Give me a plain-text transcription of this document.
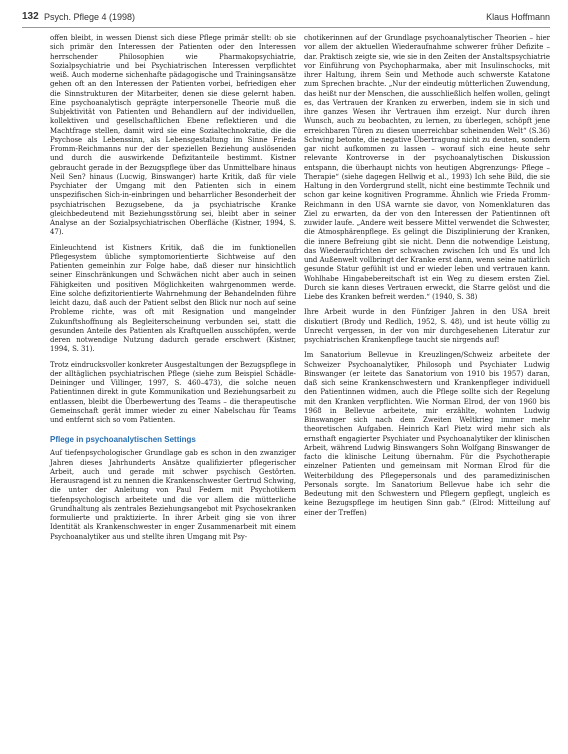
132 Psych. Pflege 4 (1998)	Klaus Hoffmann

offen bleibt, in wessen Dienst sich diese Pflege primär stellt: ob sie sich primär den Interessen der Patienten oder den Interessen herrschender Philosophien wie Pharmakopsychiatrie, Sozialpsychiatrie und bei Psychiatrischen Interessen verpflichtet weiß. Auch moderne sichenhafte pädagogische und Trainingsansätze gehen oft an den Interessen der Patienten vorbei, befriedigen eher die Sinnstrukturen der Mitarbeiter, denen sie diese gelernt haben. Eine psychoanalytisch geprägte interpersonelle Theorie muß die Subjektivität von Patienten und Behandlern auf der individuellen, kollektiven und gesellschaftlichen Ebene reflektieren und die Machtfrage stellen, damit wird sie eine Sozialtechnokratie, die die Psychose als Lebenssinn, als Lebensgestaltung im Sinne Frieda Fromm-Reichmanns nur der der speziellen Beziehung auslösenden und durch die auswirkende Defizitanteile bestimmt. Kistner gebraucht gerade in der Bezugspflege über das Unmittelbare hinaus Neil Sen? hinaus (Lucwig, Binswanger) harte Kritik, daß für viele Psychiater der Umgang mit den Patienten sich in einem unspezifischen Sich-in-einbringen und beharrlicher Besonderheit der psychiatrischen Bezugsebene, da ja psychiatrische Kranke gleichbedeutend mit Beziehungsstörung sei, bleibt aber in seiner Analyse an der Sozialpsychiatrischen Oberfläche (Kistner, 1994, S. 47).

Einleuchtend ist Kistners Kritik, daß die im funktionellen Pflegesystem übliche symptomorientierte Sichtweise auf den Patienten gemeinhin zur Folge habe, daß dieser nur hinsichtlich seiner Einschränkungen und Schwächen nicht aber auch in seinen Fähigkeiten und positiven Möglichkeiten wahrgenommen werde. Eine solche defizitorientierte Wahrnehmung der Behandelnden führe leicht dazu, daß auch der Patient selbst den Blick nur noch auf seine Probleme richte, was oft mit Resignation und mangelnder Zukunftshoffnung als Begleiterscheinung verbunden sei, statt die gesunden Anteile des Patienten als Kraftquellen ausschöpfen, werde deren notwendige Nutzung dadurch gerade erschwert (Kistner, 1994, S. 31).

Trotz eindrucksvoller konkreter Ausgestaltungen der Bezugspflege in der alltäglichen psychiatrischen Pflege (siehe zum Beispiel Schädle-Deininger und Villinger, 1997, S. 460–473), die solche neuen Patientinnen direkt in gute Kommunikation und Beziehungsarbeit zu entlassen, bleibt die Überbewertung des Teams – die therapeutische Gemeinschaft gerät immer wieder zu einer Nabelschau für Teams und entfernt sich so vom Patienten.

Pflege in psychoanalytischen Settings

Auf tiefenpsychologischer Grundlage gab es schon in den zwanziger Jahren dieses Jahrhunderts Ansätze qualifizierter pflegerischer Arbeit, auch und gerade mit schwer psychisch Gestörten. Herausragend ist zu nennen die Krankenschwester Gertrud Schwing, die unter der Anleitung von Paul Federn mit Psychotikern tiefenpsychologisch arbeitete und die vor allem die mütterliche Grundhaltung als zentrales Beziehungsangebot mit Psychosekranken formulierte und praktizierte. In ihrer Arbeit ging sie von ihrer Identität als Krankenschwester in enger Zusammenarbeit mit einem Psychoanalytiker aus und stellte ihren Umgang mit Psy-

chotikerinnen auf der Grundlage psychoanalytischer Theorien – hier vor allem der aktuellen Wiederaufnahme schwerer früher Defizite – dar. Praktisch zeigte sie, wie sie in den Zeiten der Anstaltspsychiatrie vor Einführung von Psychopharmaka, aber mit Insulinschocks, mit ihrer Haltung, ihrem Sein und Methode auch schwerste Katatone zum Sprechen brachte. „Nur der eindeutig mütterlichen Zuwendung, das heißt nur der Menschen, die ausschließlich helfen wollen, gelingt es, das Vertrauen der Kranken zu erwerben, indem sie in sich und ihre ganzes Wesen ihr Vertrauen ihm erzeigt. Nur durch ihren Wunsch, auch zu beobachten, zu lernen, zu überlegen, schöpft jene erreichbaren Türen zu diesen unerreichbar scheinenden Welt“ (S.36) Schwing betonte, die negative Übertragung nicht zu deuten, sondern gar nicht aufkommen zu lassen – worauf sich eine heute sehr relevante Kontroverse in der psychoanalytischen Diskussion entspann, die überhaupt nichts von heutigen Abgrenzungs- Pflege – Therapie“ (siehe dagegen Hellwig et al., 1993) Ich sehe Bild, die sie Haltung in den Vordergrund stellt, nicht eine bestimmte Technik und schon gar keine kognitiven Programme. Ähnlich wie Frieda Fromm-Reichmann in den USA warnte sie davor, von Nomenklaturen das Ziel zu erwarten, da der von den Interessen der Patientinnen oft zuwider laufe. „Andere weit bessere Mittel verwendet die Schwester, die Atmosphärenpflege. Es gelingt die Disziplinierung der Kranken, die innere Befreiung gibt sie nicht. Denn die notwendige Leistung, das Wiederaufrichten der schwachen zwischen Ich und Es und Ich und Außenwelt vollbringt der Kranke erst dann, wenn seine natürlich gesunde Statur gefühlt ist und er wieder leben und vertrauen kann. Wohlhabe Hingabebereitschaft ist ein Weg zu diesem ersten Ziel. Durch sie kann dieses Vertrauen erweckt, die Starre gelöst und die Liebe des Kranken befreit werden.“ (1940, S. 38)

Ihre Arbeit wurde in den Fünfziger Jahren in den USA breit diskutiert (Brody und Redlich, 1952, S. 48), und ist heute völlig zu Unrecht vergessen, in der von mir durchgesehenen Literatur zur psychiatrischen Krankenpflege taucht sie nirgends auf!

Im Sanatorium Bellevue in Kreuzlingen/Schweiz arbeitete der Schweizer Psychoanalytiker, Philosoph und Psychiater Ludwig Binswanger (er leitete das Sanatorium von 1910 bis 1957) daran, daß sich seine Krankenschwestern und Krankenpfleger individuell den Patientinnen widmen, auch die Pflege sollte sich der Regelung mit den Kranken verpflichten. Wie Norman Elrod, der von 1960 bis 1968 in Bellevue arbeitete, mir erzählte, wohnten Ludwig Binswanger sich nach dem Zweiten Weltkrieg immer mehr theoretischen Aufgaben. Heinrich Karl Pietz wird mehr sich als ernsthaft engagierter Psychiater und Psychoanalytiker der klinischen Arbeit, während Ludwig Binswangers Sohn Wolfgang Binswanger de facto die klinische Leitung übernahm. Für die Psychotherapie einzelner Patienten und gemeinsam mit Norman Elrod für die Weiterbildung des Pflegepersonals und des paramedizinischen Personals sorgte. Im Sanatorium Bellevue habe ich sehr die Bedeutung mit den Schwestern und Pflegern gepflegt, ungleich es keine Bezugspflege im heutigen Sinn gab.“ (Elrod: Mitteilung auf einer der Treffen)
